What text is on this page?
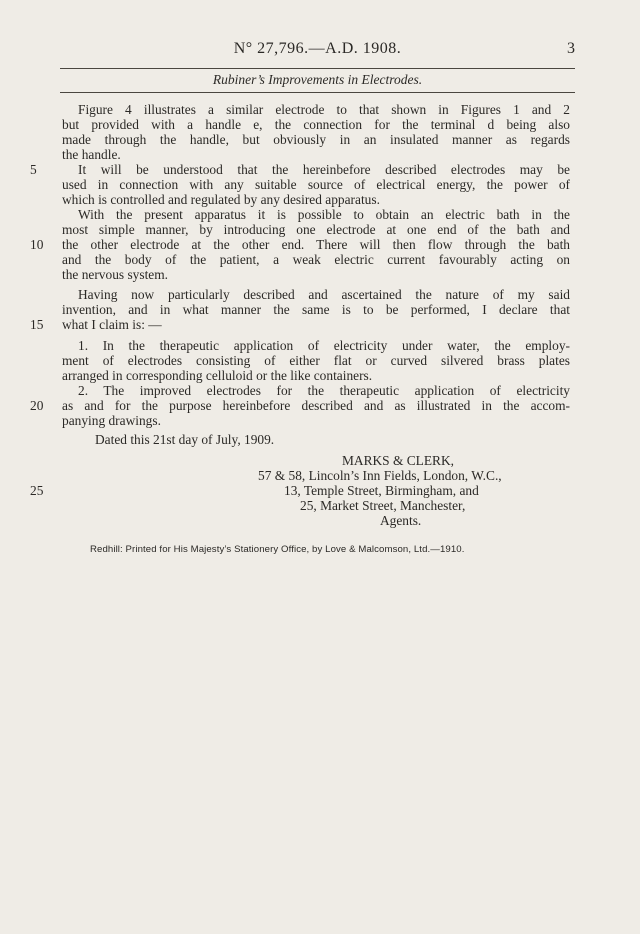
N° 27,796.—A.D. 1908.	3
Rubiner’s Improvements in Electrodes.
Figure 4 illustrates a similar electrode to that shown in Figures 1 and 2
but provided with a handle e, the connection for the terminal d being also
made through the handle, but obviously in an insulated manner as regards
the handle.
5	It will be understood that the hereinbefore described electrodes may be
used in connection with any suitable source of electrical energy, the power of
which is controlled and regulated by any desired apparatus.
With the present apparatus it is possible to obtain an electric bath in the
most simple manner, by introducing one electrode at one end of the bath and
10	the other electrode at the other end. There will then flow through the bath
and the body of the patient, a weak electric current favourably acting on
the nervous system.
Having now particularly described and ascertained the nature of my said
invention, and in what manner the same is to be performed, I declare that
15	what I claim is: —
1. In the therapeutic application of electricity under water, the employ-
ment of electrodes consisting of either flat or curved silvered brass plates
arranged in corresponding celluloid or the like containers.
2. The improved electrodes for the therapeutic application of electricity
20	as and for the purpose hereinbefore described and as illustrated in the accom-
panying drawings.
Dated this 21st day of July, 1909.
MARKS & CLERK,
57 & 58, Lincoln’s Inn Fields, London, W.C.,
25	13, Temple Street, Birmingham, and
25, Market Street, Manchester,
Agents.
Redhill: Printed for His Majesty’s Stationery Office, by Love & Malcomson, Ltd.—1910.
